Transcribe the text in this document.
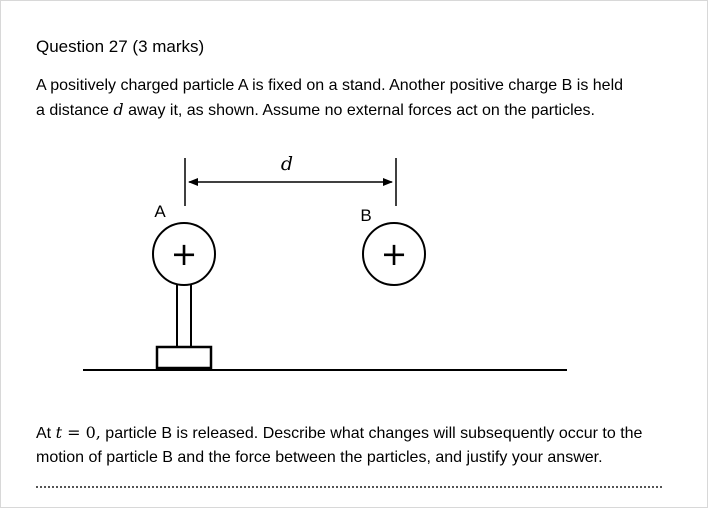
Question 27 (3 marks)
A positively charged particle A is fixed on a stand. Another positive charge B is held
a distance d away it, as shown. Assume no external forces act on the particles.
d
A	B
+	+
At t = 0, particle B is released. Describe what changes will subsequently occur to the
motion of particle B and the force between the particles, and justify your answer.
